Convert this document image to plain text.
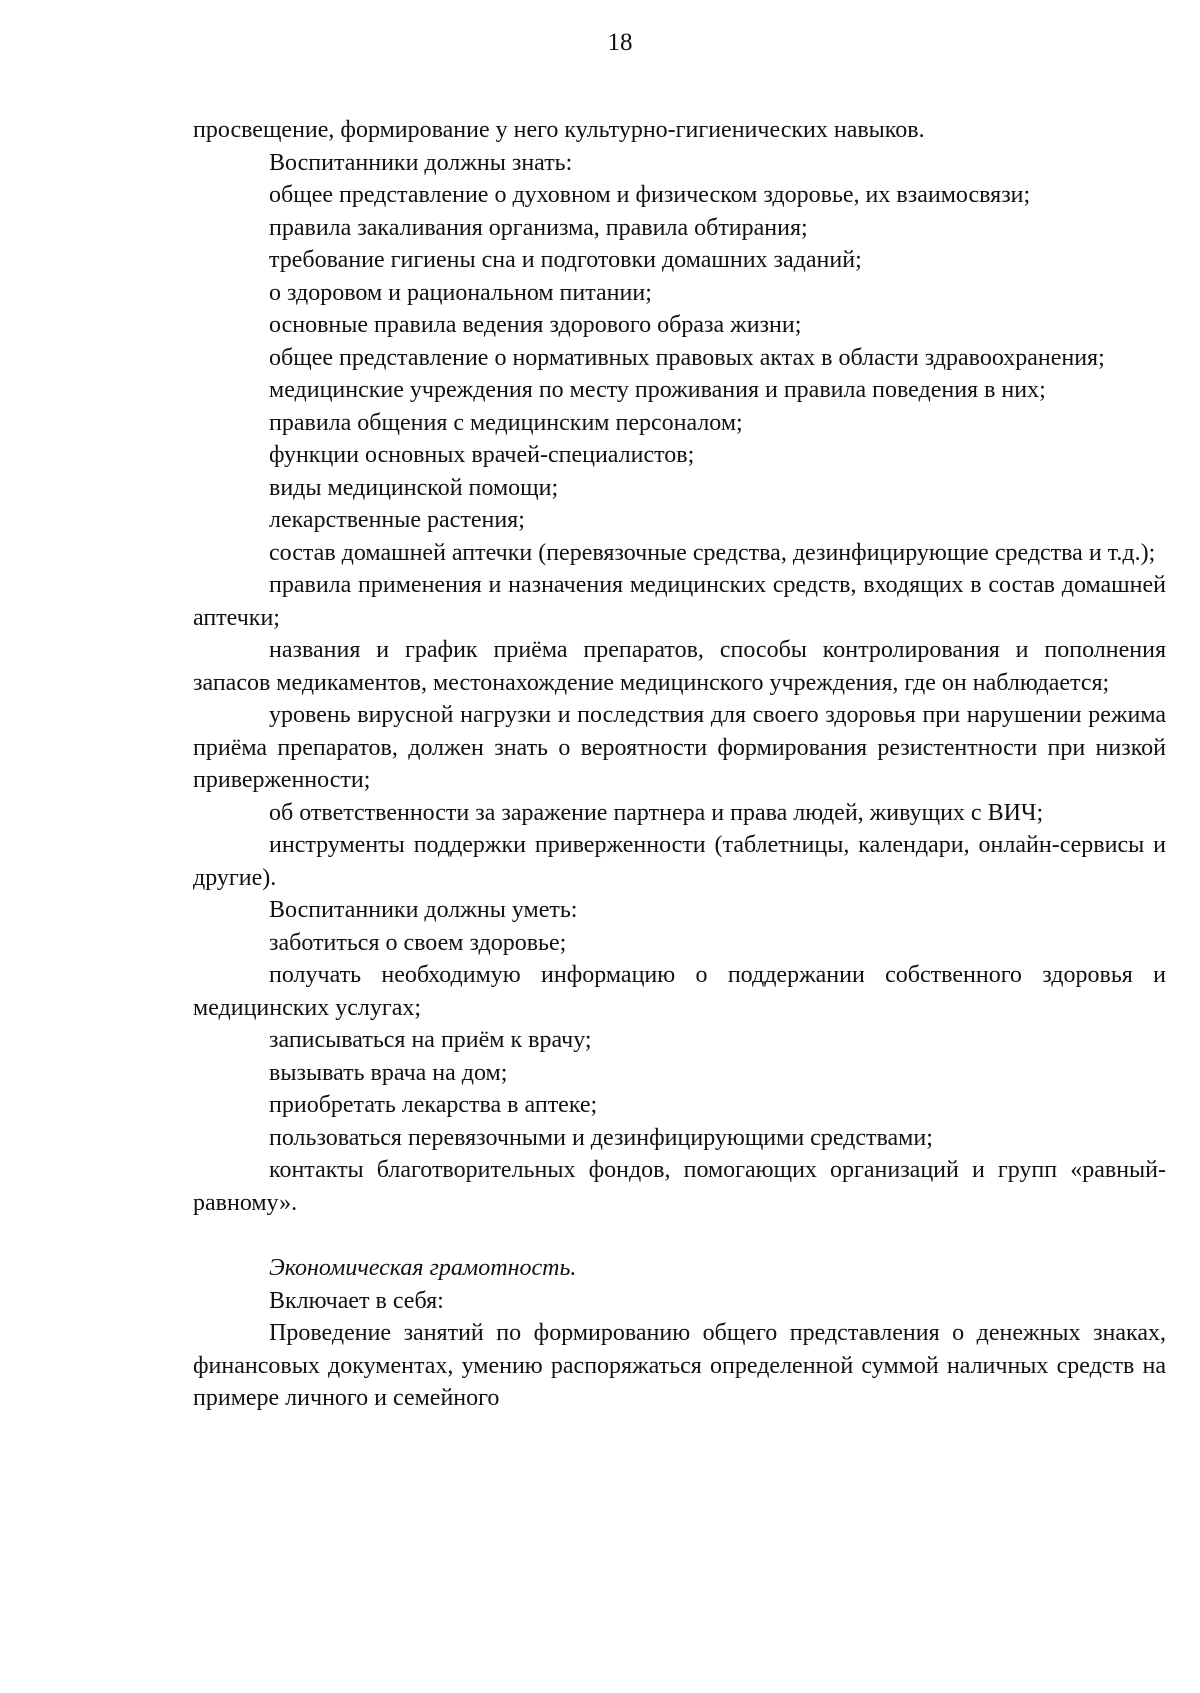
18

просвещение, формирование у него культурно-гигиенических навыков.

Воспитанники должны знать:

общее представление о духовном и физическом здоровье, их взаимосвязи;

правила закаливания организма, правила обтирания;

требование гигиены сна и подготовки домашних заданий;

о здоровом и рациональном питании;

основные правила ведения здорового образа жизни;

общее представление о нормативных правовых актах в области здравоохранения;

медицинские учреждения по месту проживания и правила поведения в них;

правила общения с медицинским персоналом;

функции основных врачей-специалистов;

виды медицинской помощи;

лекарственные растения;

состав домашней аптечки (перевязочные средства, дезинфицирующие средства и т.д.);

правила применения и назначения медицинских средств, входящих в состав домашней аптечки;

названия и график приёма препаратов, способы контролирования и пополнения запасов медикаментов, местонахождение медицинского учреждения, где он наблюдается;

уровень вирусной нагрузки и последствия для своего здоровья при нарушении режима приёма препаратов, должен знать о вероятности формирования резистентности при низкой приверженности;

об ответственности за заражение партнера и права людей, живущих с ВИЧ;

инструменты поддержки приверженности (таблетницы, календари, онлайн-сервисы и другие).

Воспитанники должны уметь:

заботиться о своем здоровье;

получать необходимую информацию о поддержании собственного здоровья и медицинских услугах;

записываться на приём к врачу;

вызывать врача на дом;

приобретать лекарства в аптеке;

пользоваться перевязочными и дезинфицирующими средствами;

контакты благотворительных фондов, помогающих организаций и групп «равный-равному».

Экономическая грамотность.

Включает в себя:

Проведение занятий по формированию общего представления о денежных знаках, финансовых документах, умению распоряжаться определенной суммой наличных средств на примере личного и семейного
